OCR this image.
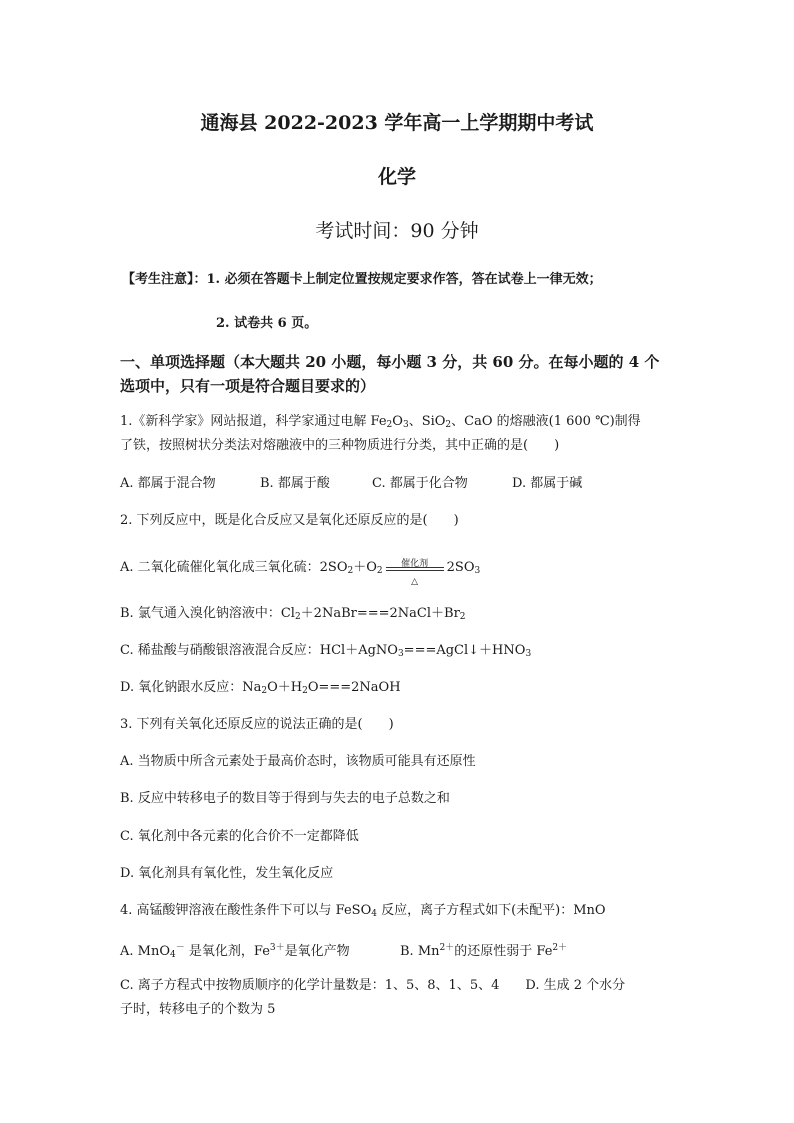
通海县 2022-2023 学年高一上学期期中考试
化学
考试时间：90 分钟
【考生注意】：1. 必须在答题卡上制定位置按规定要求作答，答在试卷上一律无效；
2. 试卷共 6 页。
一、单项选择题（本大题共 20 小题，每小题 3 分，共 60 分。在每小题的 4 个
选项中，只有一项是符合题目要求的）
1.《新科学家》网站报道，科学家通过电解 $Fe_2O_3$、SiO$_2$、CaO 的熔融液(1 600 ℃)制得
了铁，按照树状分类法对熔融液中的三种物质进行分类，其中正确的是(　　)
A. 都属于混合物	B. 都属于酸	C. 都属于化合物	D. 都属于碱
2. 下列反应中，既是化合反应又是氧化还原反应的是(　　)
A. 二氧化硫催化氧化成三氧化硫：$2SO_2+O_2$
催化剂
△
$2SO_3$
B. 氯气通入溴化钠溶液中：$Cl_2+2NaBr===2NaCl+Br_2$
C. 稀盐酸与硝酸银溶液混合反应：$HCl+AgNO_3===AgCl↓+HNO_3$
D. 氧化钠跟水反应：$Na_2O+H_2O===2NaOH$
3. 下列有关氧化还原反应的说法正确的是(　　)
A. 当物质中所含元素处于最高价态时，该物质可能具有还原性
B. 反应中转移电子的数目等于得到与失去的电子总数之和
C. 氧化剂中各元素的化合价不一定都降低
D. 氧化剂具有氧化性，发生氧化反应
4. 高锰酸钾溶液在酸性条件下可以与 FeSO$_4$ 反应，离子方程式如下(未配平)：MnO
A. MnO$_4$－ 是氧化剂，$Fe^{3+}$是氧化产物	B. $Mn^{2+}$的还原性弱于 $Fe^{2+}$
C. 离子方程式中按物质顺序的化学计量数是：1、5、8、1、5、4　　D. 生成 2 个水分
子时，转移电子的个数为 5
